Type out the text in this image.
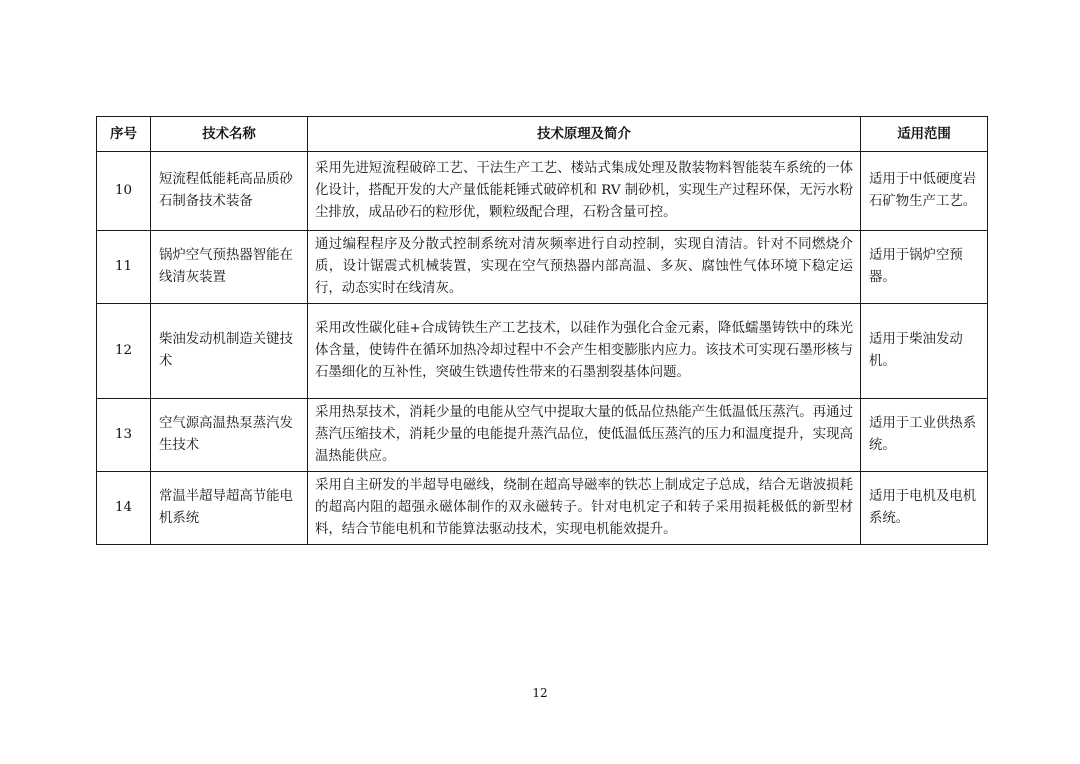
序号	技术名称	技术原理及简介	适用范围
10	短流程低能耗高品质砂石制备技术装备	采用先进短流程破碎工艺、干法生产工艺、楼站式集成处理及散装物料智能装车系统的一体化设计，搭配开发的大产量低能耗锤式破碎机和 RV 制砂机，实现生产过程环保，无污水粉尘排放，成品砂石的粒形优，颗粒级配合理，石粉含量可控。	适用于中低硬度岩石矿物生产工艺。
11	锅炉空气预热器智能在线清灰装置	通过编程程序及分散式控制系统对清灰频率进行自动控制，实现自清洁。针对不同燃烧介质，设计锯震式机械装置，实现在空气预热器内部高温、多灰、腐蚀性气体环境下稳定运行，动态实时在线清灰。	适用于锅炉空预器。
12	柴油发动机制造关键技术	采用改性碳化硅+合成铸铁生产工艺技术，以硅作为强化合金元素，降低蠕墨铸铁中的珠光体含量，使铸件在循环加热冷却过程中不会产生相变膨胀内应力。该技术可实现石墨形核与石墨细化的互补性，突破生铁遗传性带来的石墨割裂基体问题。	适用于柴油发动机。
13	空气源高温热泵蒸汽发生技术	采用热泵技术，消耗少量的电能从空气中提取大量的低品位热能产生低温低压蒸汽。再通过蒸汽压缩技术，消耗少量的电能提升蒸汽品位，使低温低压蒸汽的压力和温度提升，实现高温热能供应。	适用于工业供热系统。
14	常温半超导超高节能电机系统	采用自主研发的半超导电磁线，绕制在超高导磁率的铁芯上制成定子总成，结合无谐波损耗的超高内阻的超强永磁体制作的双永磁转子。针对电机定子和转子采用损耗极低的新型材料，结合节能电机和节能算法驱动技术，实现电机能效提升。	适用于电机及电机系统。
12
